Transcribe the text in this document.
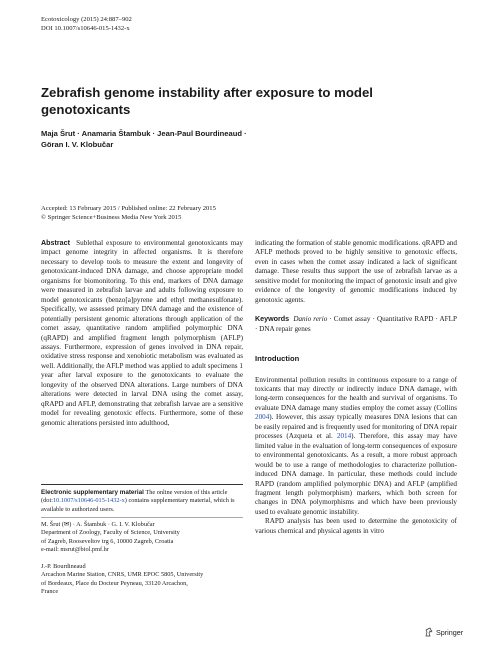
Ecotoxicology (2015) 24:887–902
DOI 10.1007/s10646-015-1432-x
Zebrafish genome instability after exposure to model genotoxicants
Maja Šrut · Anamaria Štambuk · Jean-Paul Bourdineaud ·
Göran I. V. Klobučar
Accepted: 13 February 2015 / Published online: 22 February 2015
© Springer Science+Business Media New York 2015

Abstract Sublethal exposure to environmental genotoxicants may impact genome integrity in affected organisms. It is therefore necessary to develop tools to measure the extent and longevity of genotoxicant-induced DNA damage, and choose appropriate model organisms for biomonitoring. To this end, markers of DNA damage were measured in zebrafish larvae and adults following exposure to model genotoxicants (benzo[a]pyrene and ethyl methanesulfonate). Specifically, we assessed primary DNA damage and the existence of potentially persistent genomic alterations through application of the comet assay, quantitative random amplified polymorphic DNA (qRAPD) and amplified fragment length polymorphism (AFLP) assays. Furthermore, expression of genes involved in DNA repair, oxidative stress response and xenobiotic metabolism was evaluated as well. Additionally, the AFLP method was applied to adult specimens 1 year after larval exposure to the genotoxicants to evaluate the longevity of the observed DNA alterations. Large numbers of DNA alterations were detected in larval DNA using the comet assay, qRAPD and AFLP, demonstrating that zebrafish larvae are a sensitive model for revealing genotoxic effects. Furthermore, some of these genomic alterations persisted into adulthood,

Electronic supplementary material The online version of this article (doi:10.1007/s10646-015-1432-x) contains supplementary material, which is available to authorized users.
M. Šrut (✉) · A. Štambuk · G. I. V. Klobučar
Department of Zoology, Faculty of Science, University
of Zagreb, Rooseveltov trg 6, 10000 Zagreb, Croatia
e-mail: msrut@biol.pmf.hr
J.-P. Bourdineaud
Arcachon Marine Station, CNRS, UMR EPOC 5805, University
of Bordeaux, Place du Docteur Peyneau, 33120 Arcachon,
France

indicating the formation of stable genomic modifications. qRAPD and AFLP methods proved to be highly sensitive to genotoxic effects, even in cases when the comet assay indicated a lack of significant damage. These results thus support the use of zebrafish larvae as a sensitive model for monitoring the impact of genotoxic insult and give evidence of the longevity of genomic modifications induced by genotoxic agents.

Keywords Danio rerio · Comet assay · Quantitative RAPD · AFLP · DNA repair genes

Introduction

Environmental pollution results in continuous exposure to a range of toxicants that may directly or indirectly induce DNA damage, with long-term consequences for the health and survival of organisms. To evaluate DNA damage many studies employ the comet assay (Collins 2004). However, this assay typically measures DNA lesions that can be easily repaired and is frequently used for monitoring of DNA repair processes (Azqueta et al. 2014). Therefore, this assay may have limited value in the evaluation of long-term consequences of exposure to environmental genotoxicants. As a result, a more robust approach would be to use a range of methodologies to characterize pollution-induced DNA damage. In particular, these methods could include RAPD (random amplified polymorphic DNA) and AFLP (amplified fragment length polymorphism) markers, which both screen for changes in DNA polymorphisms and which have been previously used to evaluate genomic instability.

RAPD analysis has been used to determine the genotoxicity of various chemical and physical agents in vitro

Springer
